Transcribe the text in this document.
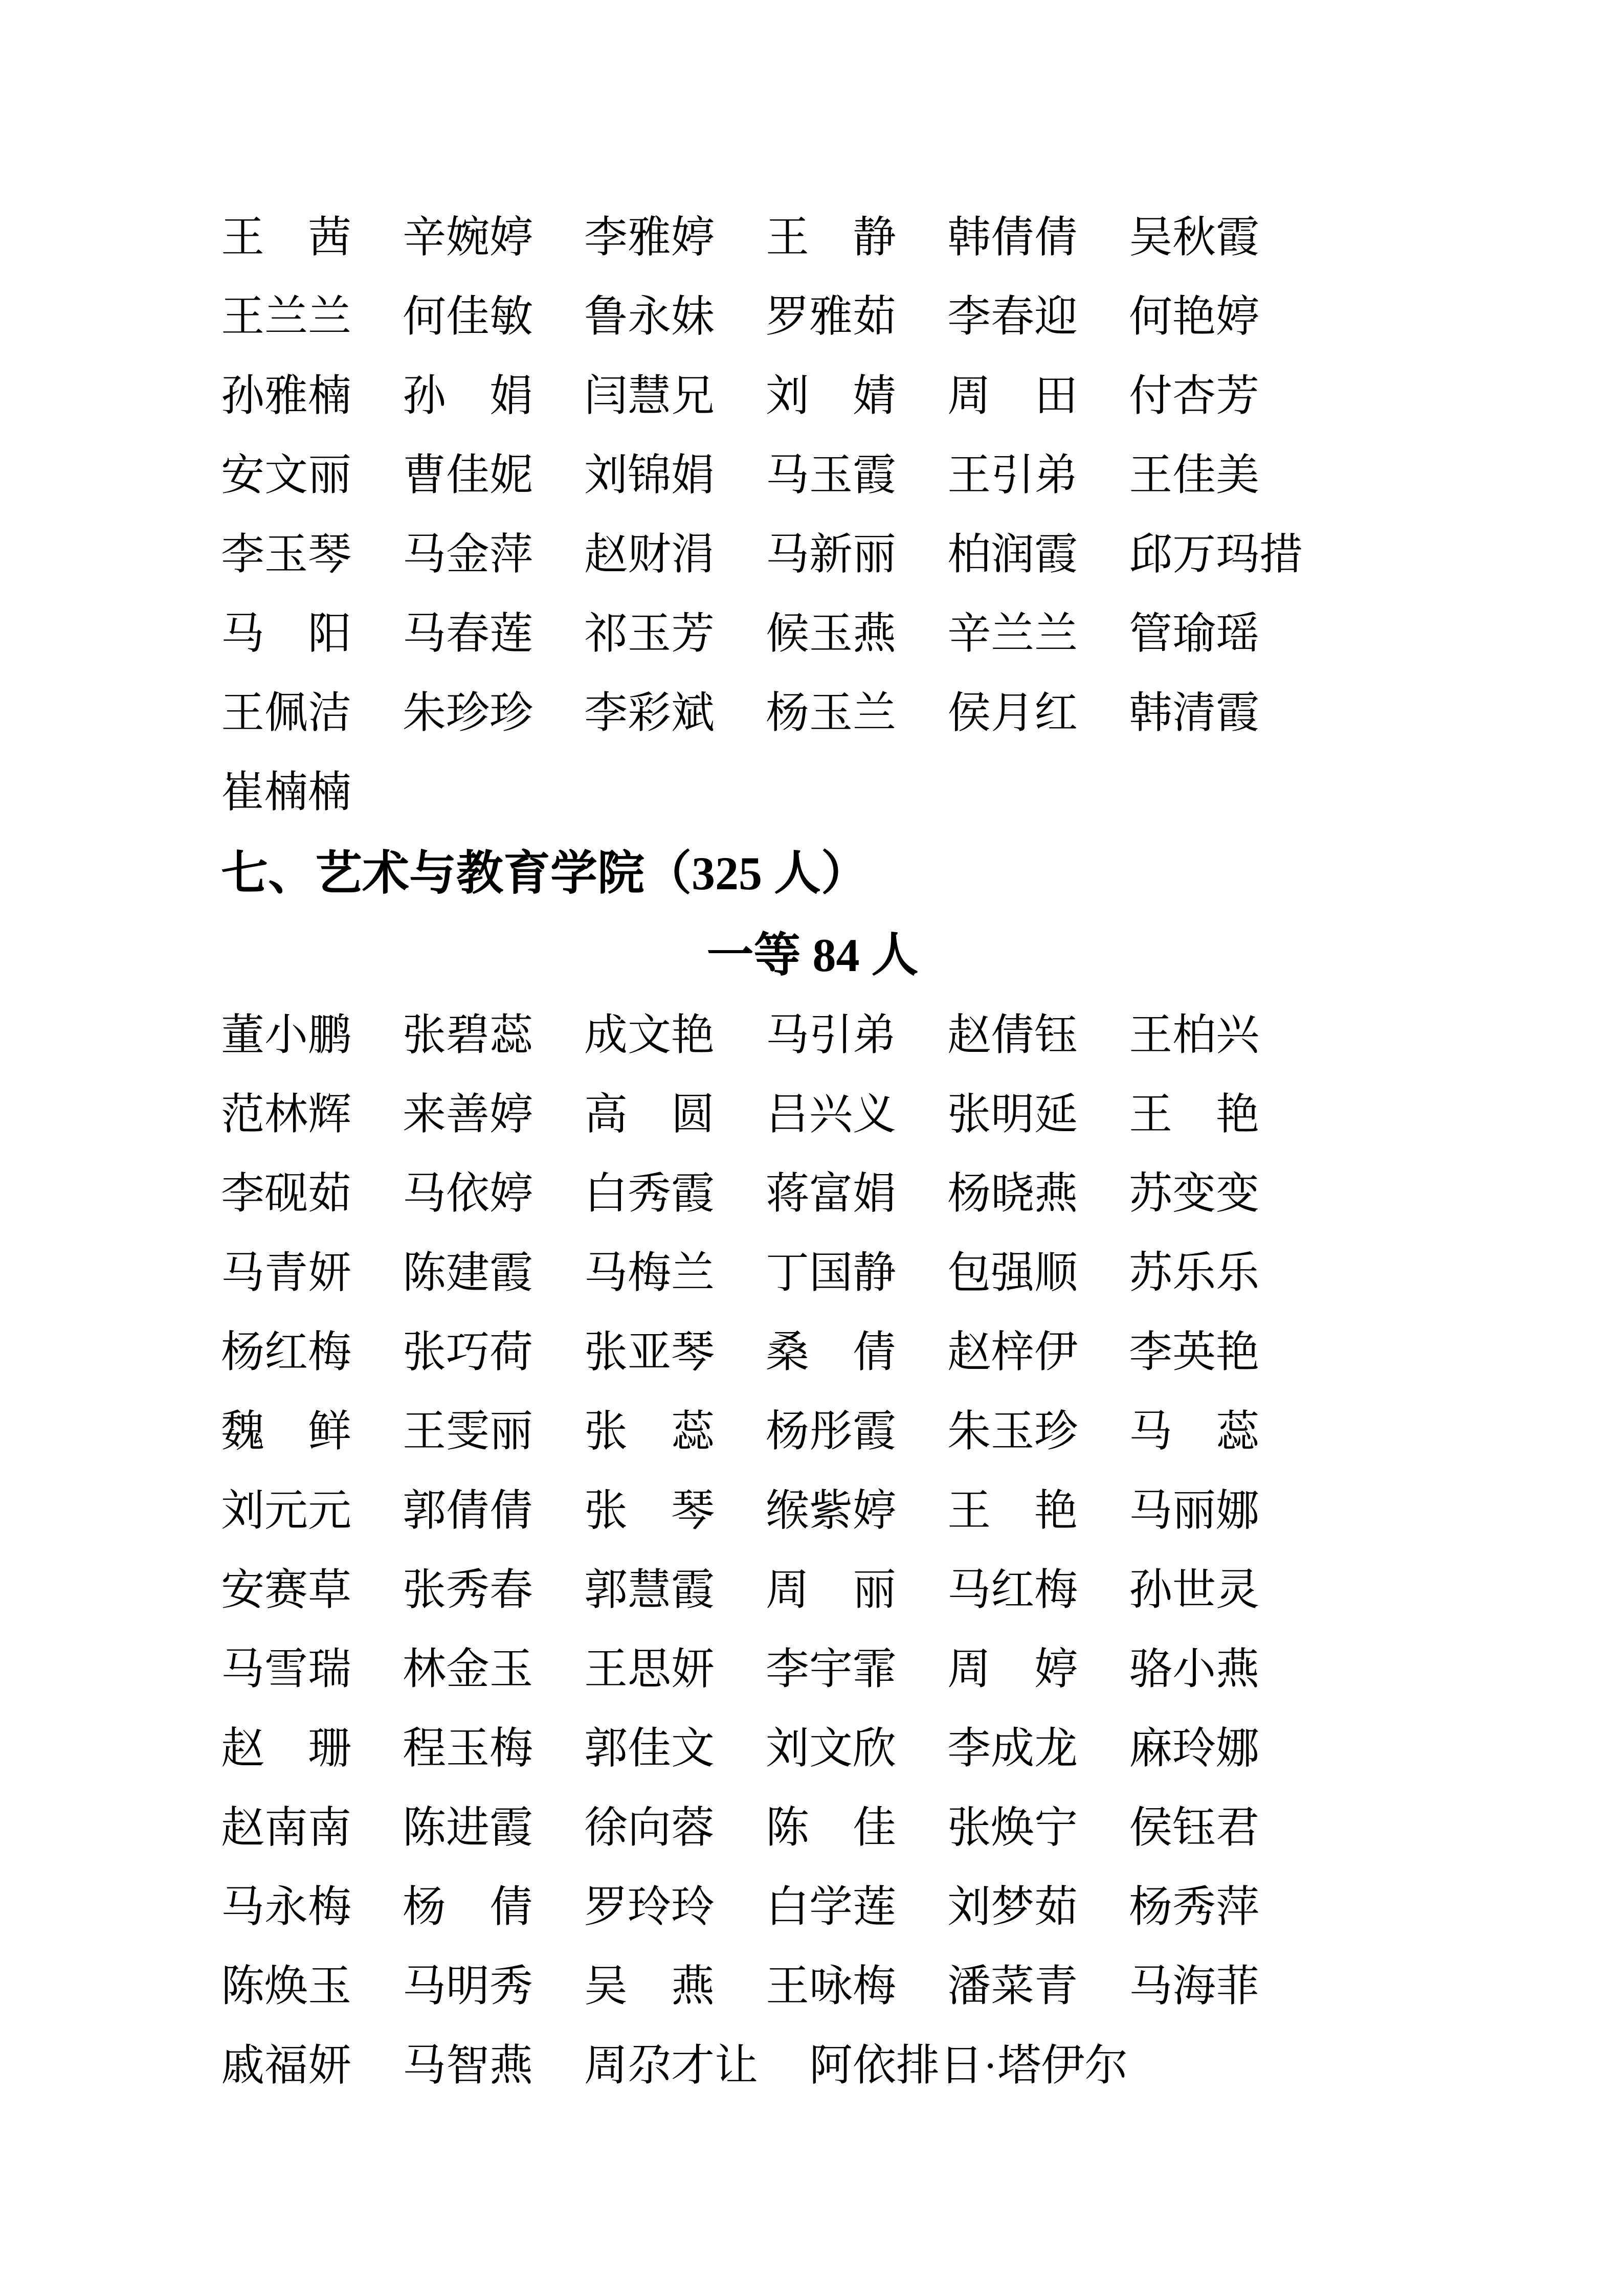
王　茜 辛婉婷 李雅婷 王　静 韩倩倩 吴秋霞
王兰兰 何佳敏 鲁永妹 罗雅茹 李春迎 何艳婷
孙雅楠 孙　娟 闫慧兄 刘　婧 周　田 付杏芳
安文丽 曹佳妮 刘锦娟 马玉霞 王引弟 王佳美
李玉琴 马金萍 赵财涓 马新丽 柏润霞 邱万玛措
马　阳 马春莲 祁玉芳 候玉燕 辛兰兰 管瑜瑶
王佩洁 朱珍珍 李彩斌 杨玉兰 侯月红 韩清霞
崔楠楠
七、艺术与教育学院（325 人）
一等 84 人
董小鹏 张碧蕊 成文艳 马引弟 赵倩钰 王柏兴
范林辉 来善婷 高　圆 吕兴义 张明延 王　艳
李砚茹 马依婷 白秀霞 蒋富娟 杨晓燕 苏变变
马青妍 陈建霞 马梅兰 丁国静 包强顺 苏乐乐
杨红梅 张巧荷 张亚琴 桑　倩 赵梓伊 李英艳
魏　鲜 王雯丽 张　蕊 杨彤霞 朱玉珍 马　蕊
刘元元 郭倩倩 张　琴 缑紫婷 王　艳 马丽娜
安赛草 张秀春 郭慧霞 周　丽 马红梅 孙世灵
马雪瑞 林金玉 王思妍 李宇霏 周　婷 骆小燕
赵　珊 程玉梅 郭佳文 刘文欣 李成龙 麻玲娜
赵南南 陈进霞 徐向蓉 陈　佳 张焕宁 侯钰君
马永梅 杨　倩 罗玲玲 白学莲 刘梦茹 杨秀萍
陈焕玉 马明秀 吴　燕 王咏梅 潘菜青 马海菲
戚福妍 马智燕 周尕才让 阿依排日·塔伊尔
